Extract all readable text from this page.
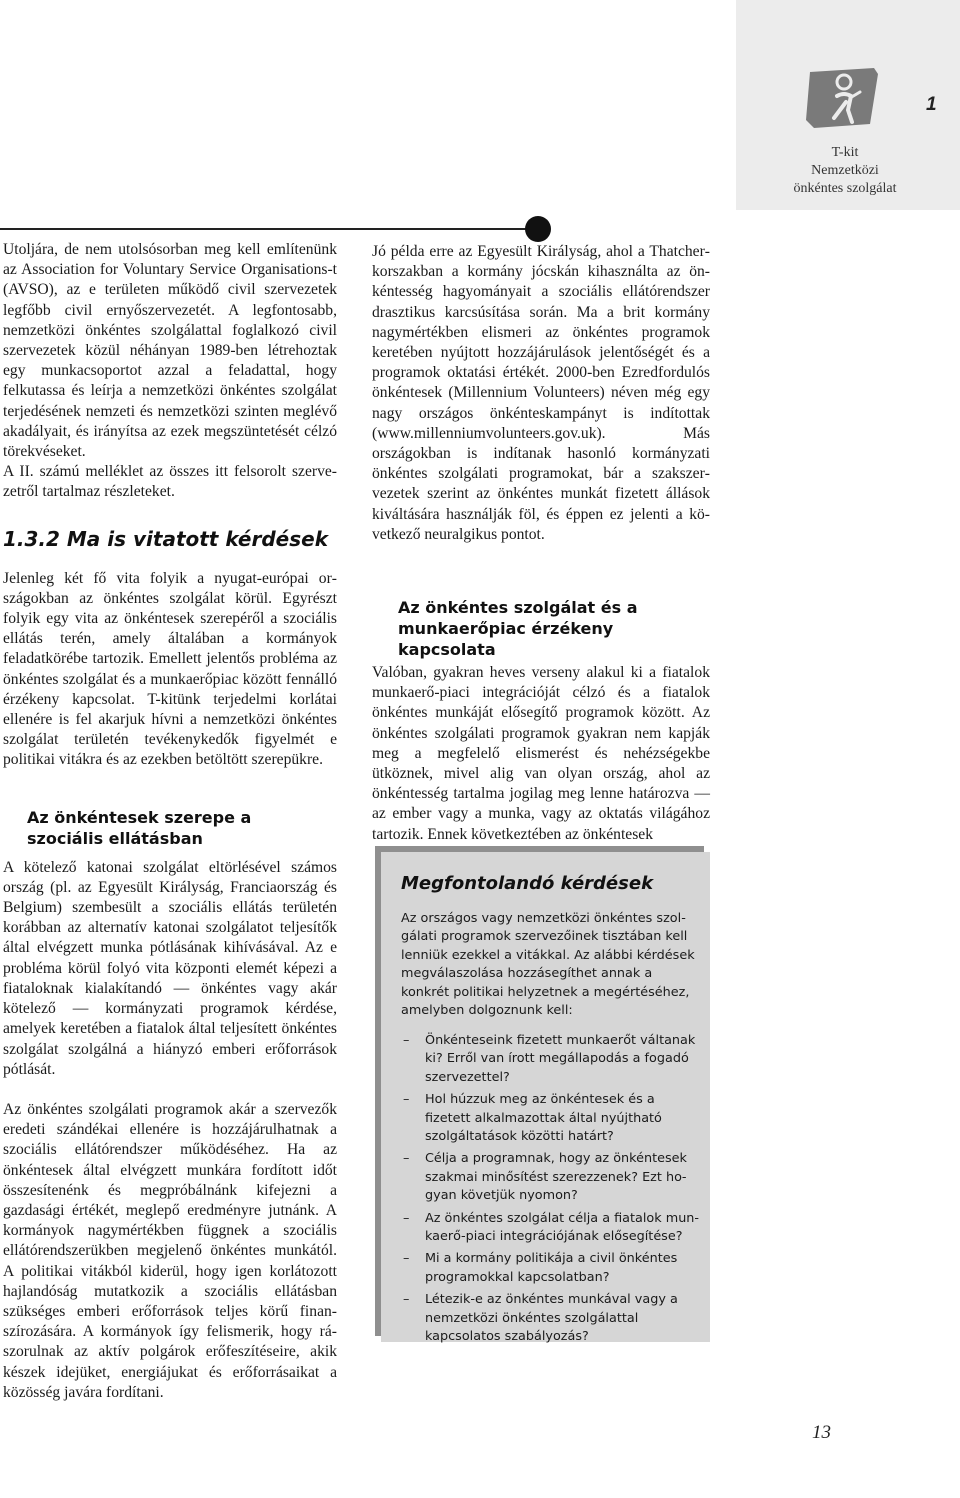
1
T-kit
Nemzetközi
önkéntes szolgálat

Utoljára, de nem utolsósorban meg kell említenünk az Association for Voluntary Service Organisations-t (AVSO), az e területen működő civil szervezetek legfőbb civil ernyőszervezetét. A legfontosabb, nemzetközi önkéntes szolgálattal foglalkozó civil szervezetek közül néhányan 1989-ben létrehoztak egy munkacsoportot azzal a feladattal, hogy felkutassa és leírja a nemzetközi önkéntes szolgálat terjedésének nemzeti és nemzetközi szinten meglévő akadályait, és irányítsa az ezek megszüntetését célzó törekvéseket.

A II. számú melléklet az összes itt felsorolt szervezetről tartalmaz részleteket.

1.3.2 Ma is vitatott kérdések

Jelenleg két fő vita folyik a nyugat-európai országokban az önkéntes szolgálat körül. Egyrészt folyik egy vita az önkéntesek szerepéről a szociális ellátás terén, amely általában a kormányok feladatkörébe tartozik. Emellett jelentős probléma az önkéntes szolgálat és a munkaerőpiac között fennálló érzékeny kapcsolat. T-kitünk terjedelmi korlátai ellenére is fel akarjuk hívni a nemzetközi önkéntes szolgálat területén tevékenykedők figyelmét e politikai vitákra és az ezekben betöltött szerepükre.

Az önkéntesek szerepe a
szociális ellátásban

A kötelező katonai szolgálat eltörlésével számos ország (pl. az Egyesült Királyság, Franciaország és Belgium) szembesült a szociális ellátás területén korábban az alternatív katonai szolgálatot teljesítők által elvégzett munka pótlásának kihívásával. Az e probléma körül folyó vita központi elemét képezi a fiataloknak kialakítandó — önkéntes vagy akár kötelező — kormányzati programok kérdése, amelyek keretében a fiatalok által teljesített önkéntes szolgálat szolgálná a hiányzó emberi erőforrások pótlását.

Az önkéntes szolgálati programok akár a szervezők eredeti szándékai ellenére is hozzájárulhatnak a szociális ellátórendszer működéséhez. Ha az önkéntesek által elvégzett munkára fordított időt összesítenénk és megpróbálnánk kifejezni a gazdasági értékét, meglepő eredményre jutnánk. A kormányok nagymértékben függnek a szociális ellátórendszerükben megjelenő önkéntes munkától. A politikai vitákból kiderül, hogy igen korlátozott hajlandóság mutatkozik a szociális ellátásban szükséges emberi erőforrások teljes körű finanszírozására. A kormányok így felismerik, hogy rászorulnak az aktív polgárok erőfeszítéseire, akik készek idejüket, energiájukat és erőforrásaikat a közösség javára fordítani.

Jó példa erre az Egyesült Királyság, ahol a Thatcherkorszakban a kormány jócskán kihasználta az önkéntesség hagyományait a szociális ellátórendszer drasztikus karcsúsítása során. Ma a brit kormány nagymértékben elismeri az önkéntes programok keretében nyújtott hozzájárulások jelentőségét és a programok oktatási értékét. 2000-ben Ezredfordulós önkéntesek (Millennium Volunteers) néven még egy nagy országos önkénteskampányt is indítottak (www.millenniumvolunteers.gov.uk). Más országokban is indítanak hasonló kormányzati önkéntes szolgálati programokat, bár a szakszervezetek szerint az önkéntes munkát fizetett állások kiváltására használják föl, és éppen ez jelenti a következő neuralgikus pontot.

Az önkéntes szolgálat és a
munkaerőpiac érzékeny kapcsolata

Valóban, gyakran heves verseny alakul ki a fiatalok munkaerő-piaci integrációját célzó és a fiatalok önkéntes munkáját elősegítő programok között. Az önkéntes szolgálati programok gyakran nem kapják meg a megfelelő elismerést és nehézségekbe ütköznek, mivel alig van olyan ország, ahol az önkéntesség tartalma jogilag meg lenne határozva — az ember vagy a munka, vagy az oktatás világához tartozik. Ennek következtében az önkéntesek

Megfontolandó kérdések
Az országos vagy nemzetközi önkéntes szolgálati programok szervezőinek tisztában kell lenniük ezekkel a vitákkal. Az alábbi kérdések megválaszolása hozzásegíthet annak a konkrét politikai helyzetnek a megértéséhez, amelyben dolgoznunk kell:
– Önkénteseink fizetett munkaerőt váltanak ki? Erről van írott megállapodás a fogadó szervezettel?
– Hol húzzuk meg az önkéntesek és a fizetett alkalmazottak által nyújtható szolgáltatások közötti határt?
– Célja a programnak, hogy az önkéntesek szakmai minősítést szerezzenek? Ezt hogyan követjük nyomon?
– Az önkéntes szolgálat célja a fiatalok munkaerő-piaci integrációjának elősegítése?
– Mi a kormány politikája a civil önkéntes programokkal kapcsolatban?
– Létezik-e az önkéntes munkával vagy a nemzetközi önkéntes szolgálattal kapcsolatos szabályozás?
13
